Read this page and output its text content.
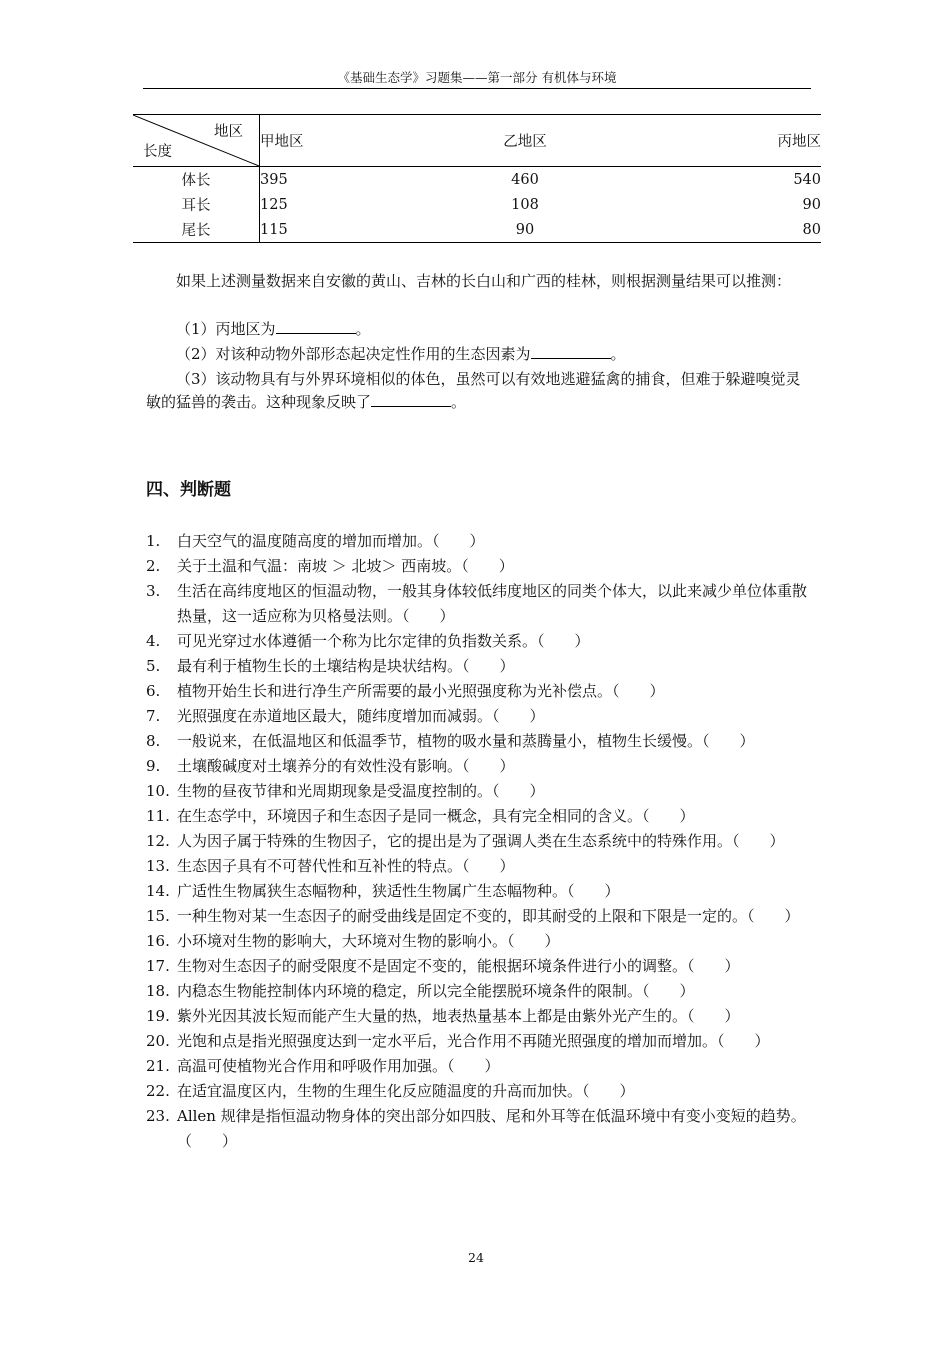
《基础生态学》习题集——第一部分 有机体与环境
地区
长度	甲地区	乙地区	丙地区
体长	395	460	540
耳长	125	108	90
尾长	115	90	80
如果上述测量数据来自安徽的黄山、吉林的长白山和广西的桂林，则根据测量结果可以推测：
（1）丙地区为	。
（2）对该种动物外部形态起决定性作用的生态因素为	。
（3）该动物具有与外界环境相似的体色，虽然可以有效地逃避猛禽的捕食，但难于躲避嗅觉灵敏的猛兽的袭击。这种现象反映了	。
四、判断题
1.	白天空气的温度随高度的增加而增加。（　　）
2.	关于土温和气温：南坡 ＞ 北坡＞ 西南坡。（　　）
3.	生活在高纬度地区的恒温动物，一般其身体较低纬度地区的同类个体大，以此来减少单位体重散热量，这一适应称为贝格曼法则。（　　）
4.	可见光穿过水体遵循一个称为比尔定律的负指数关系。（　　）
5.	最有利于植物生长的土壤结构是块状结构。（　　）
6.	植物开始生长和进行净生产所需要的最小光照强度称为光补偿点。（　　）
7.	光照强度在赤道地区最大，随纬度增加而减弱。（　　）
8.	一般说来，在低温地区和低温季节，植物的吸水量和蒸腾量小，植物生长缓慢。（　　）
9.	土壤酸碱度对土壤养分的有效性没有影响。（　　）
10. 生物的昼夜节律和光周期现象是受温度控制的。（　　）
11. 在生态学中，环境因子和生态因子是同一概念，具有完全相同的含义。（　　）
12. 人为因子属于特殊的生物因子，它的提出是为了强调人类在生态系统中的特殊作用。（　　）
13. 生态因子具有不可替代性和互补性的特点。（　　）
14. 广适性生物属狭生态幅物种，狭适性生物属广生态幅物种。（　　）
15. 一种生物对某一生态因子的耐受曲线是固定不变的，即其耐受的上限和下限是一定的。（　　）
16. 小环境对生物的影响大，大环境对生物的影响小。（　　）
17. 生物对生态因子的耐受限度不是固定不变的，能根据环境条件进行小的调整。（　　）
18. 内稳态生物能控制体内环境的稳定，所以完全能摆脱环境条件的限制。（　　）
19. 紫外光因其波长短而能产生大量的热，地表热量基本上都是由紫外光产生的。（　　）
20. 光饱和点是指光照强度达到一定水平后，光合作用不再随光照强度的增加而增加。（　　）
21. 高温可使植物光合作用和呼吸作用加强。（　　）
22. 在适宜温度区内，生物的生理生化反应随温度的升高而加快。（　　）
23. Allen 规律是指恒温动物身体的突出部分如四肢、尾和外耳等在低温环境中有变小变短的趋势。（　　）
24
